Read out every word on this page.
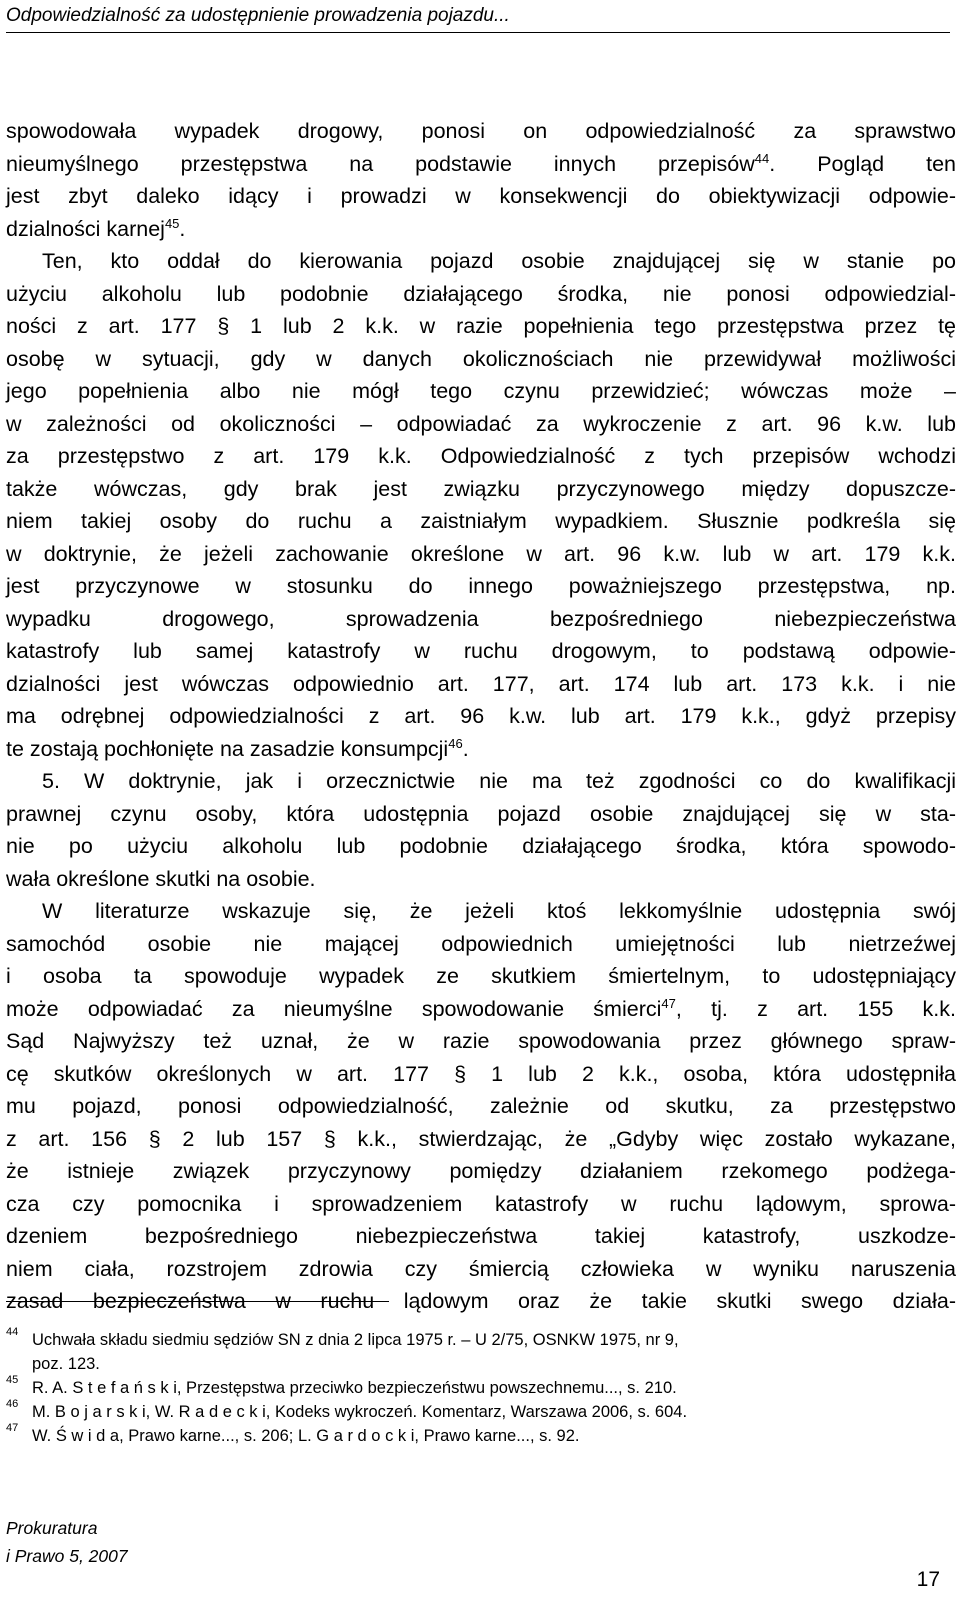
Odpowiedzialność za udostępnienie prowadzenia pojazdu...
spowodowała wypadek drogowy, ponosi on odpowiedzialność za sprawstwo
nieumyślnego przestępstwa na podstawie innych przepisów$^{44}$. Pogląd ten
jest zbyt daleko idący i prowadzi w konsekwencji do obiektywizacji odpowie-
dzialności karnej$^{45}$.
Ten, kto oddał do kierowania pojazd osobie znajdującej się w stanie po
użyciu alkoholu lub podobnie działającego środka, nie ponosi odpowiedzial-
ności z art. 177 § 1 lub 2 k.k. w razie popełnienia tego przestępstwa przez tę
osobę w sytuacji, gdy w danych okolicznościach nie przewidywał możliwości
jego popełnienia albo nie mógł tego czynu przewidzieć; wówczas może –
w zależności od okoliczności – odpowiadać za wykroczenie z art. 96 k.w. lub
za przestępstwo z art. 179 k.k. Odpowiedzialność z tych przepisów wchodzi
także wówczas, gdy brak jest związku przyczynowego między dopuszcze-
niem takiej osoby do ruchu a zaistniałym wypadkiem. Słusznie podkreśla się
w doktrynie, że jeżeli zachowanie określone w art. 96 k.w. lub w art. 179 k.k.
jest przyczynowe w stosunku do innego poważniejszego przestępstwa, np.
wypadku drogowego, sprowadzenia bezpośredniego niebezpieczeństwa
katastrofy lub samej katastrofy w ruchu drogowym, to podstawą odpowie-
dzialności jest wówczas odpowiednio art. 177, art. 174 lub art. 173 k.k. i nie
ma odrębnej odpowiedzialności z art. 96 k.w. lub art. 179 k.k., gdyż przepisy
te zostają pochłonięte na zasadzie konsumpcji$^{46}$.
5. W doktrynie, jak i orzecznictwie nie ma też zgodności co do kwalifikacji
prawnej czynu osoby, która udostępnia pojazd osobie znajdującej się w sta-
nie po użyciu alkoholu lub podobnie działającego środka, która spowodo-
wała określone skutki na osobie.
W literaturze wskazuje się, że jeżeli ktoś lekkomyślnie udostępnia swój
samochód osobie nie mającej odpowiednich umiejętności lub nietrzeźwej
i osoba ta spowoduje wypadek ze skutkiem śmiertelnym, to udostępniający
może odpowiadać za nieumyślne spowodowanie śmierci$^{47}$, tj. z art. 155 k.k.
Sąd Najwyższy też uznał, że w razie spowodowania przez głównego spraw-
cę skutków określonych w art. 177 § 1 lub 2 k.k., osoba, która udostępniła
mu pojazd, ponosi odpowiedzialność, zależnie od skutku, za przestępstwo
z art. 156 § 2 lub 157 § k.k., stwierdzając, że „Gdyby więc zostało wykazane,
że istnieje związek przyczynowy pomiędzy działaniem rzekomego podżega-
cza czy pomocnika i sprowadzeniem katastrofy w ruchu lądowym, sprowa-
dzeniem bezpośredniego niebezpieczeństwa takiej katastrofy, uszkodze-
niem ciała, rozstrojem zdrowia czy śmiercią człowieka w wyniku naruszenia
zasad bezpieczeństwa w ruchu lądowym oraz że takie skutki swego działa-
$^{44}$ Uchwała składu siedmiu sędziów SN z dnia 2 lipca 1975 r. – U 2/75, OSNKW 1975, nr 9,
poz. 123.
$^{45}$ R. A. S t e f a ń s k i, Przestępstwa przeciwko bezpieczeństwu powszechnemu..., s. 210.
$^{46}$ M. B o j a r s k i, W. R a d e c k i, Kodeks wykroczeń. Komentarz, Warszawa 2006, s. 604.
$^{47}$ W. Ś w i d a, Prawo karne..., s. 206; L. G a r d o c k i, Prawo karne..., s. 92.
Prokuratura
i Prawo 5, 2007
17
